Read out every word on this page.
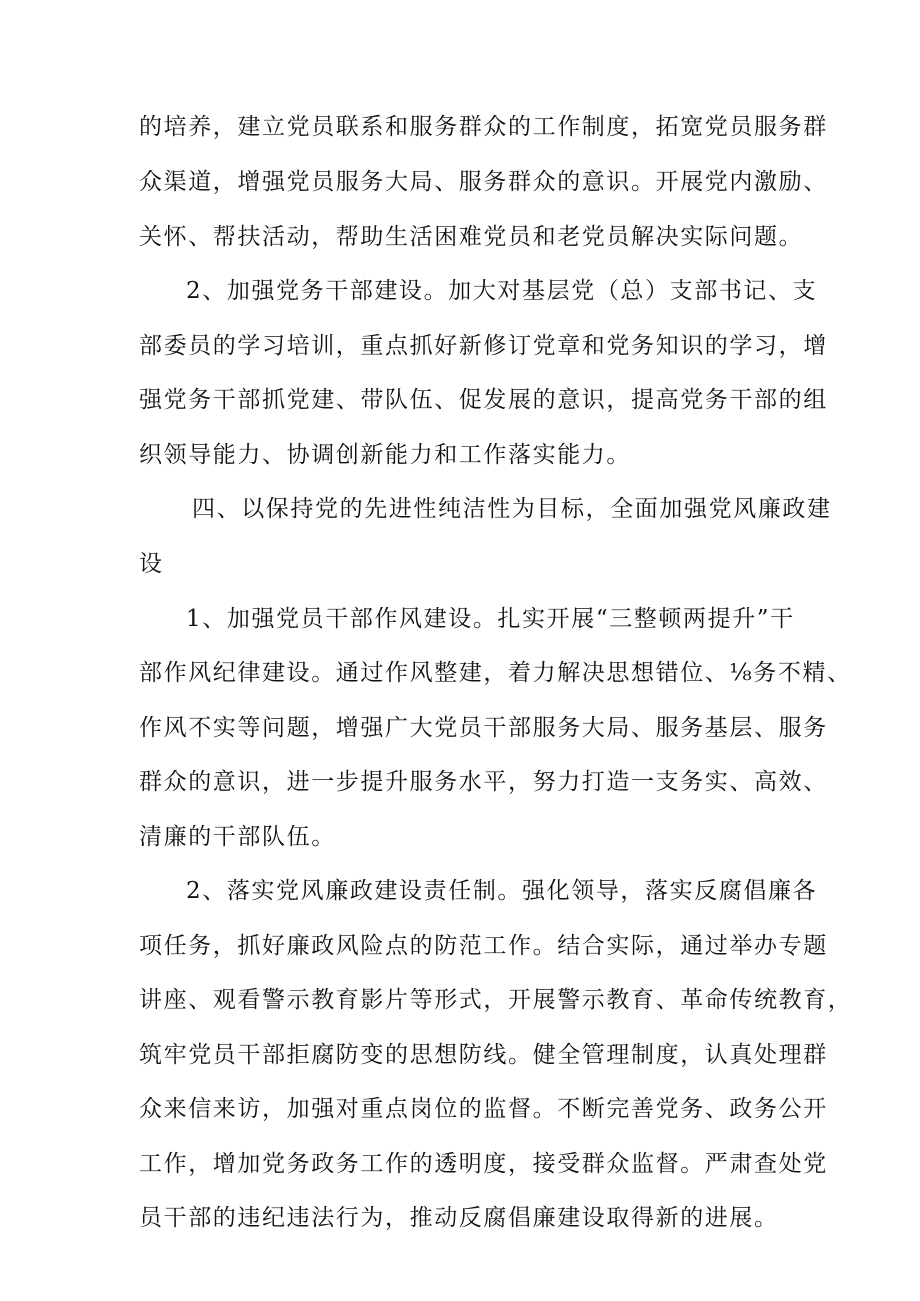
的培养，建立党员联系和服务群众的工作制度，拓宽党员服务群

众渠道，增强党员服务大局、服务群众的意识。开展党内激励、

关怀、帮扶活动，帮助生活困难党员和老党员解决实际问题。

2、加强党务干部建设。加大对基层党（总）支部书记、支

部委员的学习培训，重点抓好新修订党章和党务知识的学习，增

强党务干部抓党建、带队伍、促发展的意识，提高党务干部的组

织领导能力、协调创新能力和工作落实能力。

四、以保持党的先进性纯洁性为目标，全面加强党风廉政建

设

1、加强党员干部作风建设。扎实开展“三整顿两提升”干

部作风纪律建设。通过作风整建，着力解决思想错位、⅛务不精、

作风不实等问题，增强广大党员干部服务大局、服务基层、服务

群众的意识，进一步提升服务水平，努力打造一支务实、高效、

清廉的干部队伍。

2、落实党风廉政建设责任制。强化领导，落实反腐倡廉各

项任务，抓好廉政风险点的防范工作。结合实际，通过举办专题

讲座、观看警示教育影片等形式，开展警示教育、革命传统教育，

筑牢党员干部拒腐防变的思想防线。健全管理制度，认真处理群

众来信来访，加强对重点岗位的监督。不断完善党务、政务公开

工作，增加党务政务工作的透明度，接受群众监督。严肃查处党

员干部的违纪违法行为，推动反腐倡廉建设取得新的进展。
